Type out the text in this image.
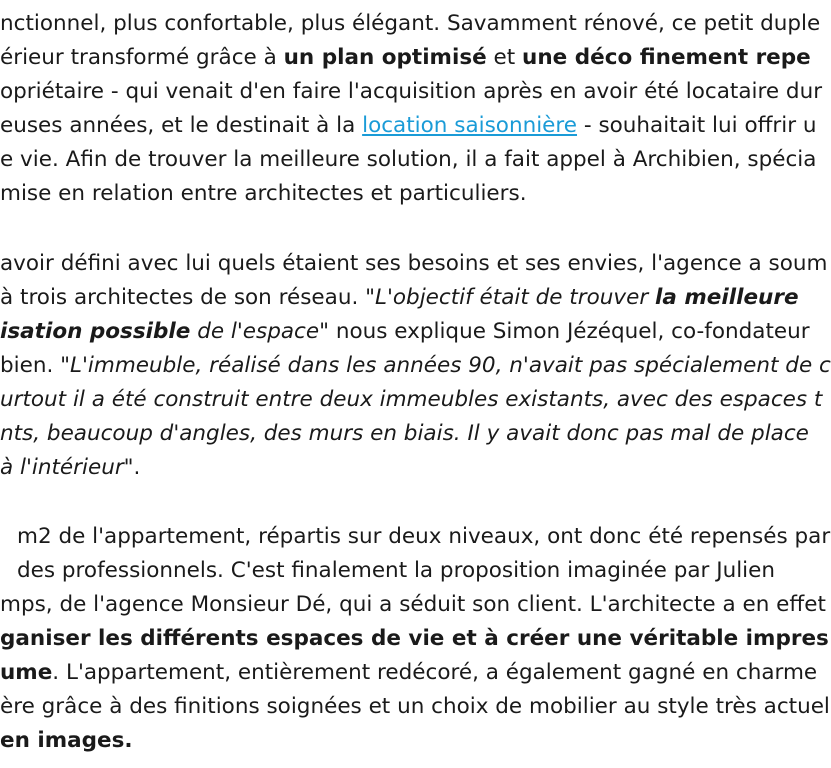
nctionnel, plus confortable, plus élégant. Savamment rénové, ce petit duple
érieur transformé grâce à un plan optimisé et une déco finement repe
opriétaire - qui venait d'en faire l'acquisition après en avoir été locataire dur
euses années, et le destinait à la location saisonnière - souhaitait lui offrir u
e vie. Afin de trouver la meilleure solution, il a fait appel à Archibien, spécia
mise en relation entre architectes et particuliers.
avoir défini avec lui quels étaient ses besoins et ses envies, l'agence a soum
à trois architectes de son réseau. "L'objectif était de trouver la meilleure
isation possible de l'espace" nous explique Simon Jézéquel, co-fondateur
bien. "L'immeuble, réalisé dans les années 90, n'avait pas spécialement de c
urtout il a été construit entre deux immeubles existants, avec des espaces t
nts, beaucoup d'angles, des murs en biais. Il y avait donc pas mal de place
à l'intérieur".
m2 de l'appartement, répartis sur deux niveaux, ont donc été repensés par
des professionnels. C'est finalement la proposition imaginée par Julien
mps, de l'agence Monsieur Dé, qui a séduit son client. L'architecte a en effet
ganiser les différents espaces de vie et à créer une véritable impres
ume. L'appartement, entièrement redécoré, a également gagné en charme
ère grâce à des finitions soignées et un choix de mobilier au style très actuel
en images.
